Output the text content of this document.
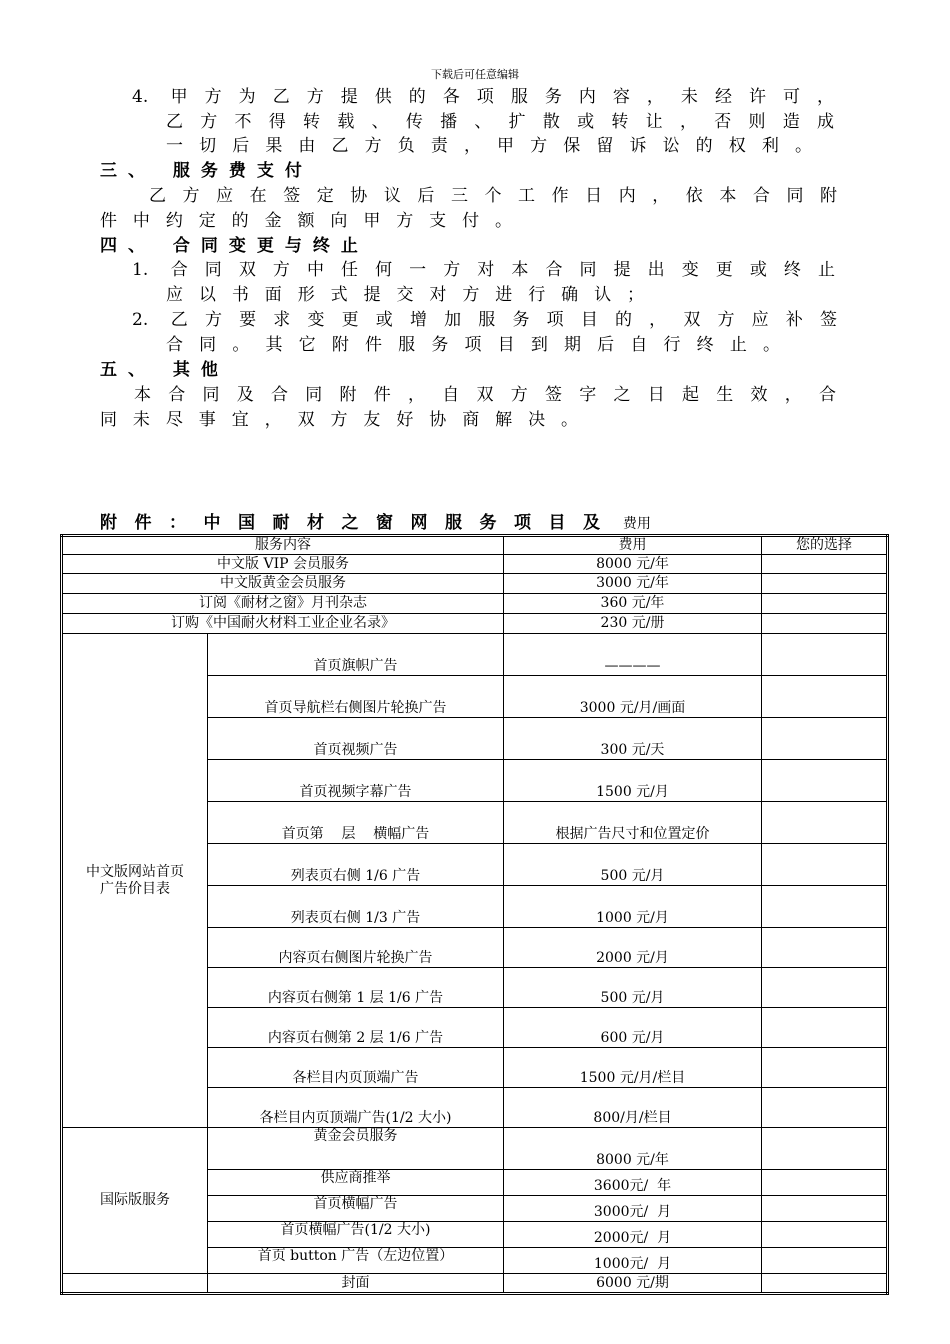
下载后可任意编辑
4. 甲方为乙方提供的各项服务内容，未经许可，
乙方不得转载、传播、扩散或转让，否则造成
一切后果由乙方负责，甲方保留诉讼的权利。
三、 服务费支付
乙方应在签定协议后三个工作日内，依本合同附
件中约定的金额向甲方支付。
四、 合同变更与终止
1. 合同双方中任何一方对本合同提出变更或终止
应以书面形式提交对方进行确认；
2. 乙方要求变更或增加服务项目的，双方应补签
合同。其它附件服务项目到期后自行终止。
五、 其他
本合同及合同附件，自双方签字之日起生效，合
同未尽事宜，双方友好协商解决。
附件：中国耐材之窗网服务项目及 费用
服务内容		费用	您的选择
中文版 VIP 会员服务		8000 元/年	
中文版黄金会员服务		3000 元/年	
订阅《耐材之窗》月刊杂志		360 元/年	
订购《中国耐火材料工业企业名录》		230 元/册	

中文版网站首页
广告价目表	首页旗帜广告	————	
	首页导航栏右侧图片轮换广告	3000 元/月/画面	
	首页视频广告	300 元/天	
	首页视频字幕广告	1500 元/月	
	首页第    层    横幅广告	根据广告尺寸和位置定价	
	列表页右侧 1/6 广告	500 元/月	
	列表页右侧 1/3 广告	1000 元/月	
	内容页右侧图片轮换广告	2000 元/月	
	内容页右侧第 1 层 1/6 广告	500 元/月	
	内容页右侧第 2 层 1/6 广告	600 元/月	
	各栏目内页顶端广告	1500 元/月/栏目	
	各栏目内页顶端广告(1/2 大小)	800/月/栏目	
国际版服务	黄金会员服务	8000 元/年	
	供应商推举	3600元/  年	
	首页横幅广告	3000元/  月	
	首页横幅广告(1/2 大小)	2000元/  月	
	首页 button 广告（左边位置）	1000元/  月	
	封面	6000 元/期	
